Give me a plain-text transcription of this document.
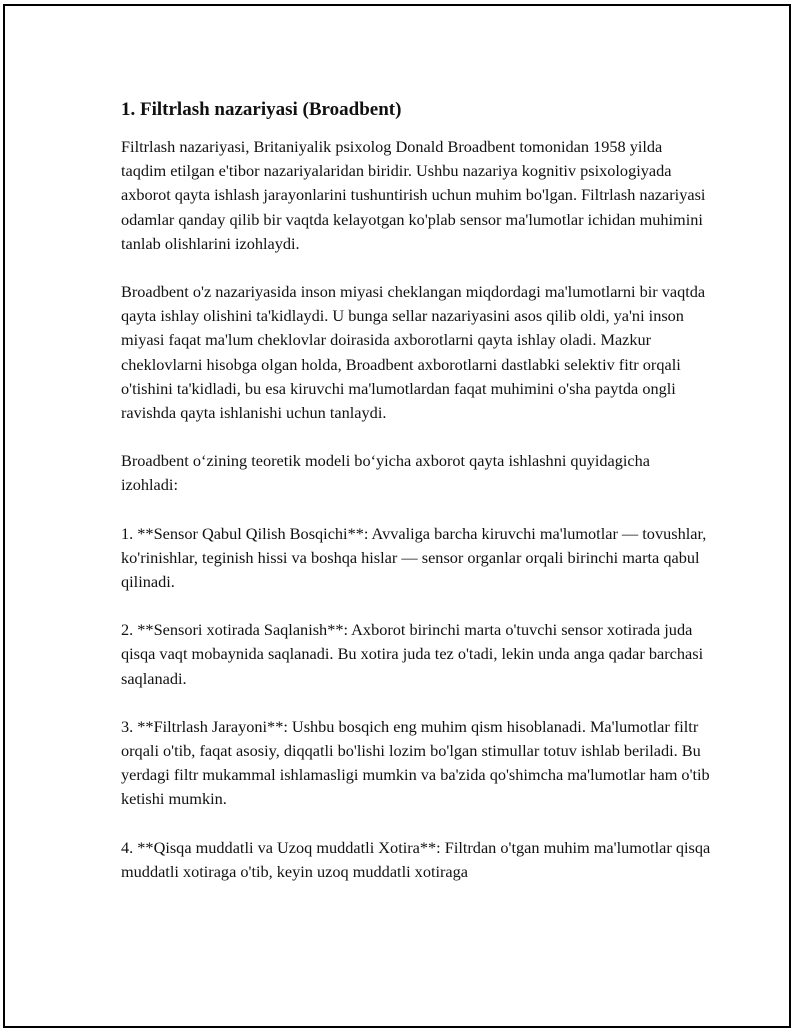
1. Filtrlash nazariyasi (Broadbent)

Filtrlash nazariyasi, Britaniyalik psixolog Donald Broadbent tomonidan 1958 yilda taqdim etilgan e'tibor nazariyalaridan biridir. Ushbu nazariya kognitiv psixologiyada axborot qayta ishlash jarayonlarini tushuntirish uchun muhim bo'lgan. Filtrlash nazariyasi odamlar qanday qilib bir vaqtda kelayotgan ko'plab sensor ma'lumotlar ichidan muhimini tanlab olishlarini izohlaydi.

Broadbent o'z nazariyasida inson miyasi cheklangan miqdordagi ma'lumotlarni bir vaqtda qayta ishlay olishini ta'kidlaydi. U bunga sellar nazariyasini asos qilib oldi, ya'ni inson miyasi faqat ma'lum cheklovlar doirasida axborotlarni qayta ishlay oladi. Mazkur cheklovlarni hisobga olgan holda, Broadbent axborotlarni dastlabki selektiv fitr orqali o'tishini ta'kidladi, bu esa kiruvchi ma'lumotlardan faqat muhimini o'sha paytda ongli ravishda qayta ishlanishi uchun tanlaydi.

Broadbent o‘zining teoretik modeli bo‘yicha axborot qayta ishlashni quyidagicha izohladi:

1. **Sensor Qabul Qilish Bosqichi**: Avvaliga barcha kiruvchi ma'lumotlar — tovushlar, ko'rinishlar, teginish hissi va boshqa hislar — sensor organlar orqali birinchi marta qabul qilinadi.

2. **Sensori xotirada Saqlanish**: Axborot birinchi marta o'tuvchi sensor xotirada juda qisqa vaqt mobaynida saqlanadi. Bu xotira juda tez o'tadi, lekin unda anga qadar barchasi saqlanadi.

3. **Filtrlash Jarayoni**: Ushbu bosqich eng muhim qism hisoblanadi. Ma'lumotlar filtr orqali o'tib, faqat asosiy, diqqatli bo'lishi lozim bo'lgan stimullar totuv ishlab beriladi. Bu yerdagi filtr mukammal ishlamasligi mumkin va ba'zida qo'shimcha ma'lumotlar ham o'tib ketishi mumkin.

4. **Qisqa muddatli va Uzoq muddatli Xotira**: Filtrdan o'tgan muhim ma'lumotlar qisqa muddatli xotiraga o'tib, keyin uzoq muddatli xotiraga
